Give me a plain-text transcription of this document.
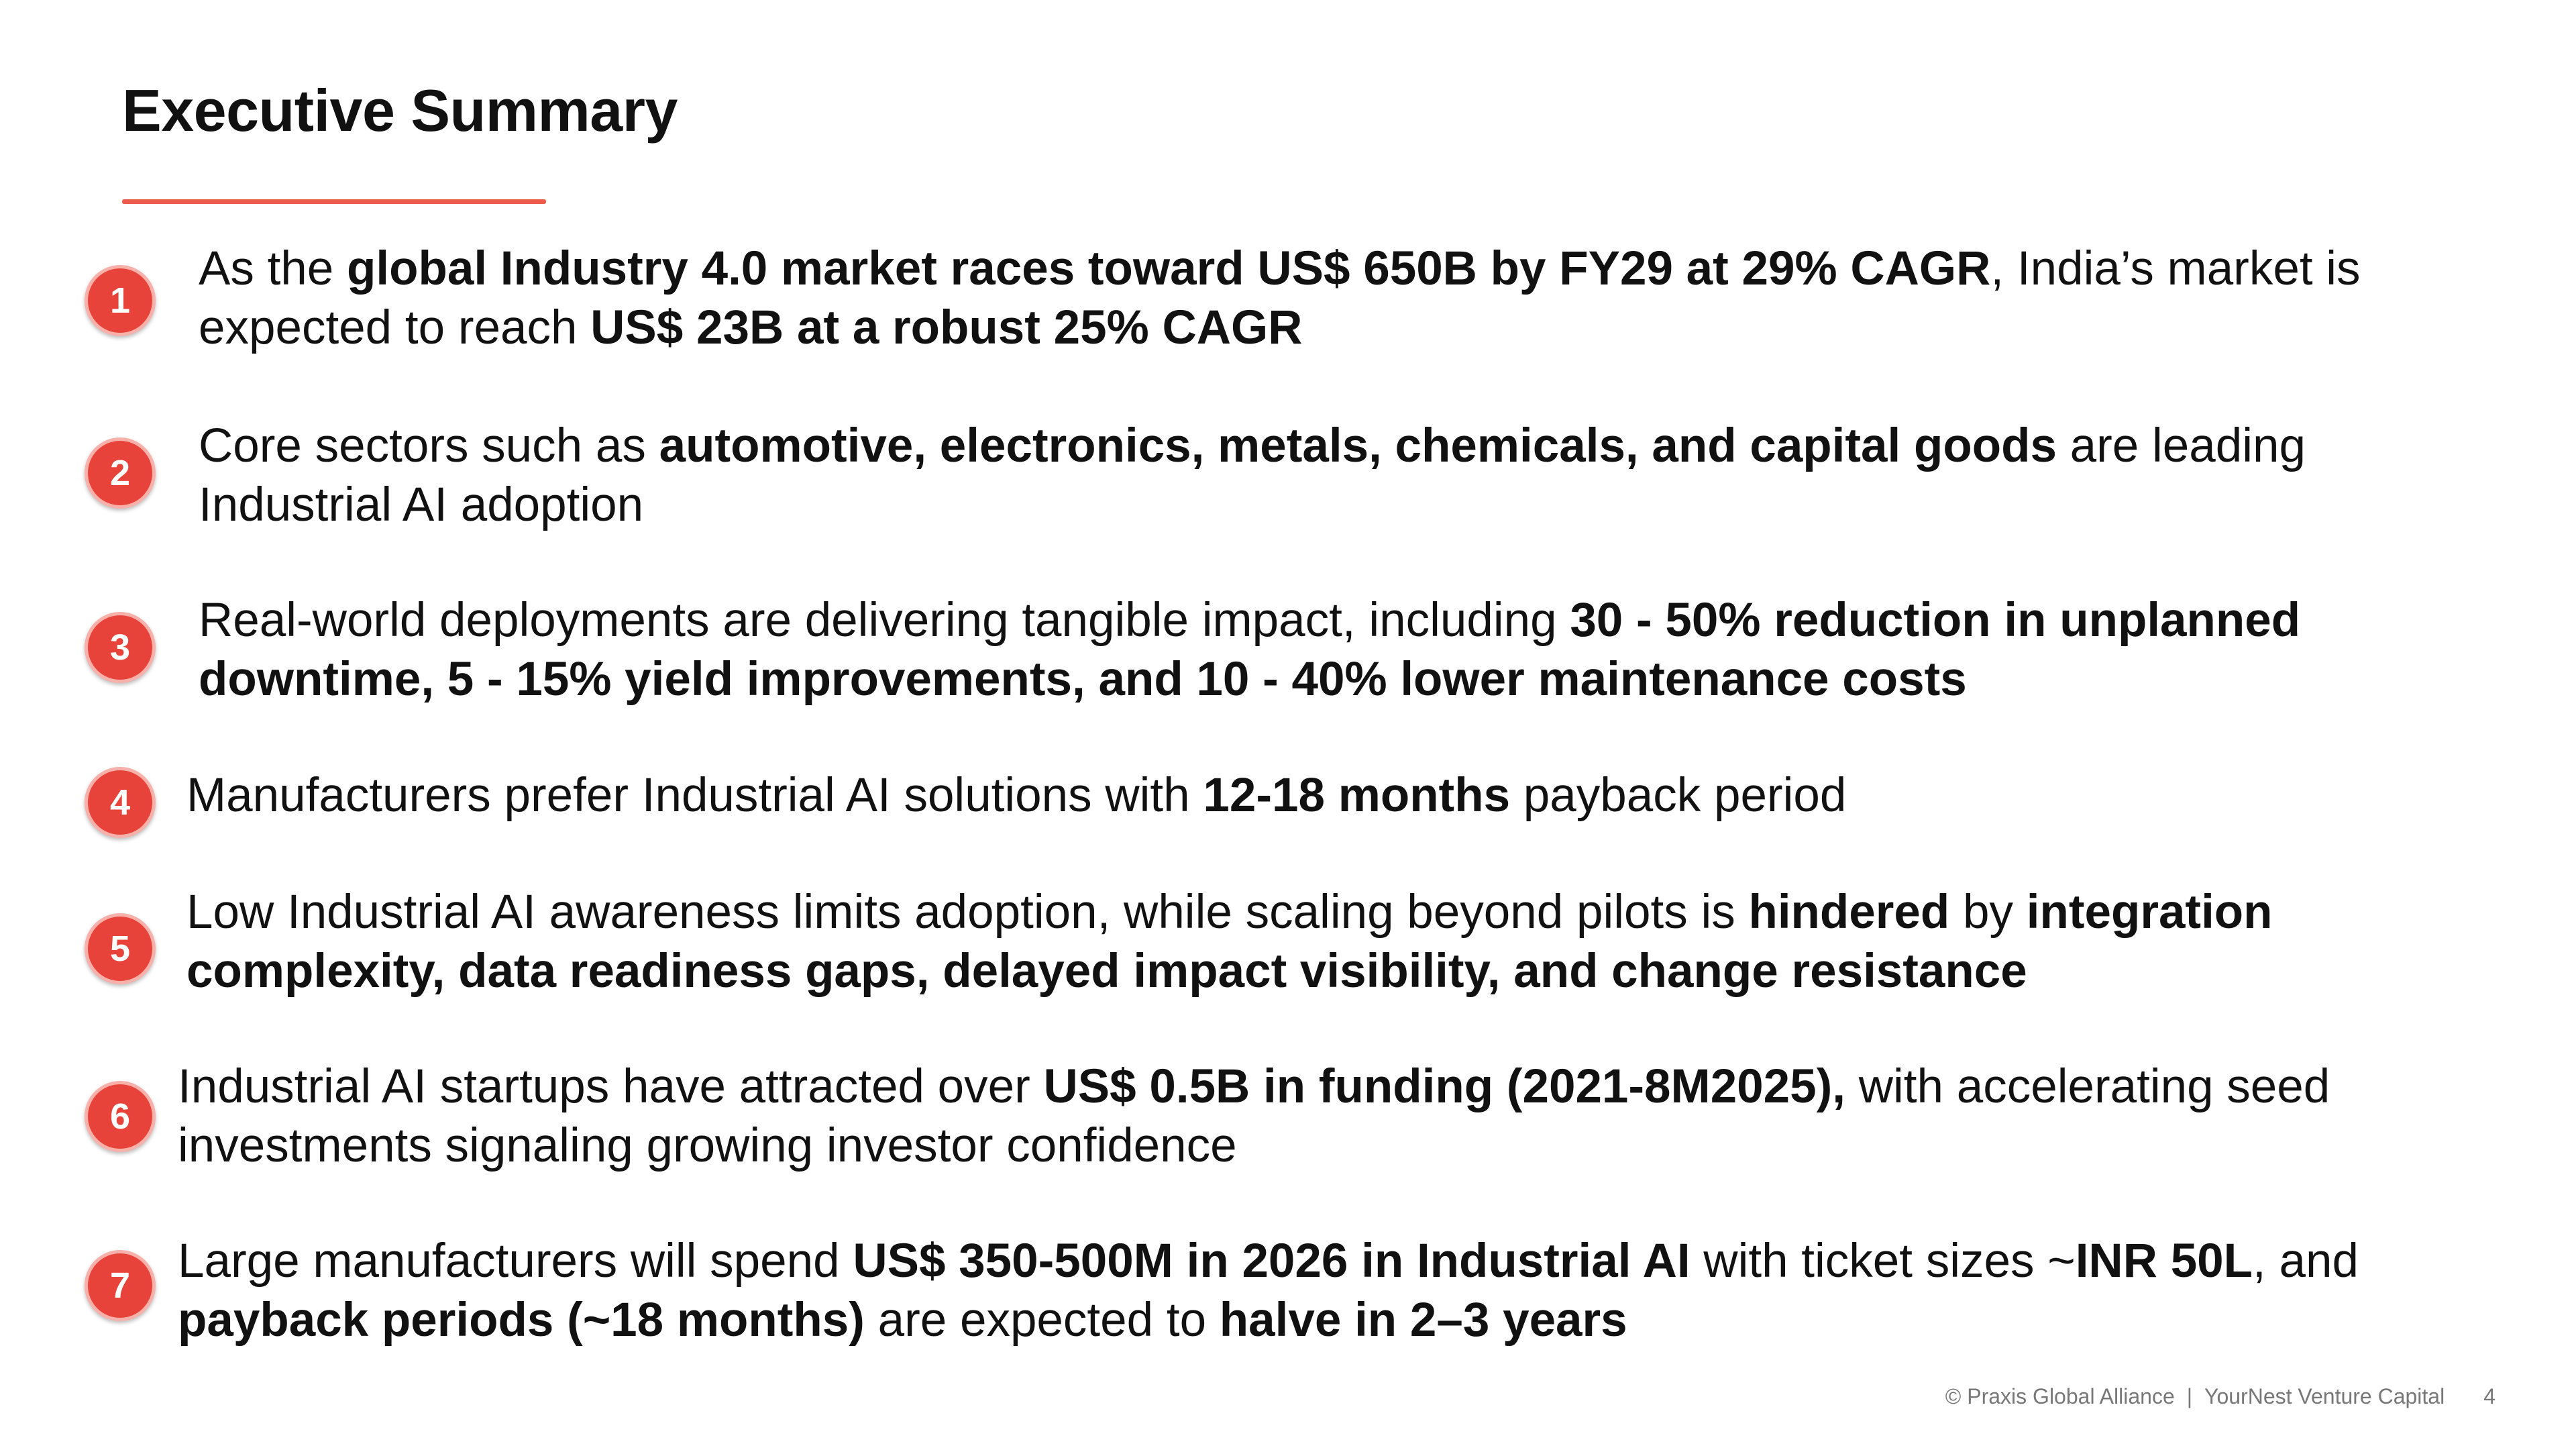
Executive Summary
1
As the global Industry 4.0 market races toward US$ 650B by FY29 at 29% CAGR, India’s market is
expected to reach US$ 23B at a robust 25% CAGR
2
Core sectors such as automotive, electronics, metals, chemicals, and capital goods are leading
Industrial AI adoption
3
Real-world deployments are delivering tangible impact, including 30 - 50% reduction in unplanned
downtime, 5 - 15% yield improvements, and 10 - 40% lower maintenance costs
4 Manufacturers prefer Industrial AI solutions with 12-18 months payback period
5
Low Industrial AI awareness limits adoption, while scaling beyond pilots is hindered by integration
complexity, data readiness gaps, delayed impact visibility, and change resistance
6
Industrial AI startups have attracted over US$ 0.5B in funding (2021-8M2025), with accelerating seed
investments signaling growing investor confidence
7 Large manufacturers will spend US$ 350-500M in 2026 in Industrial AI with ticket sizes ~INR 50L, and
payback periods (~18 months) are expected to halve in 2–3 years
© Praxis Global Alliance | YourNest Venture Capital 4
